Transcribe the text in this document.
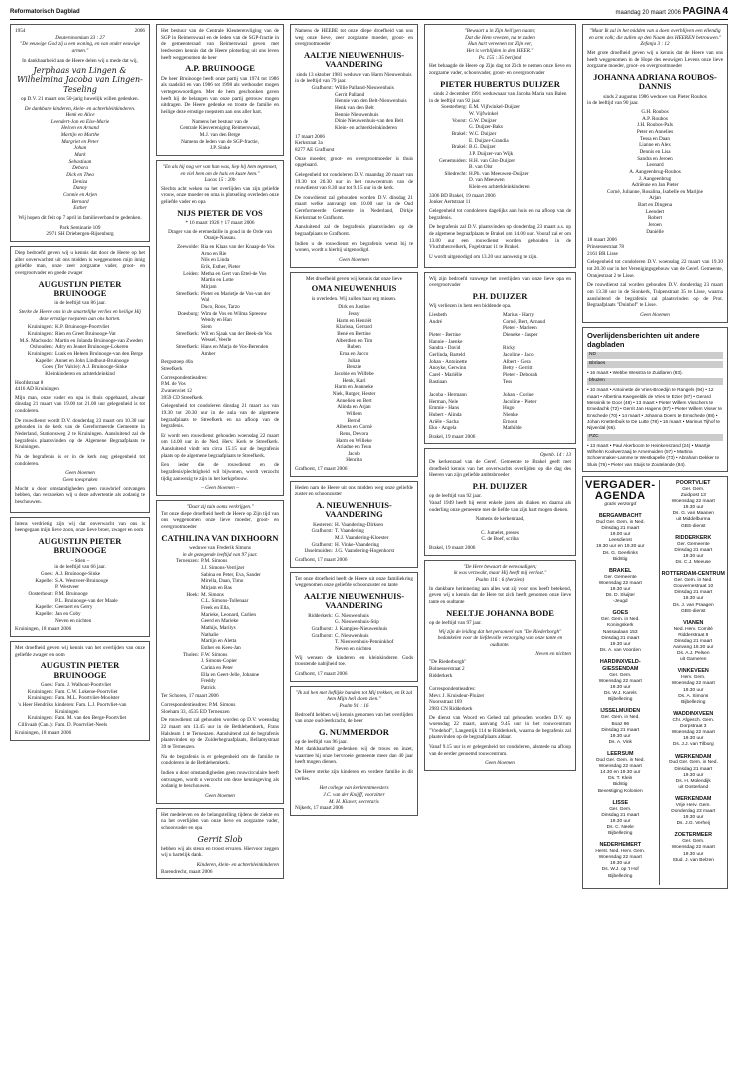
Reformatorisch Dagblad	maandag 20 maart 2006 PAGINA 4
1954	2006
Deuteronomium 33 : 27
"De eeuwige God zij u een woning, en van onder eeuwige armen."
In dankbaarheid aan de Heere delen wij u mede dat wij,
Jerphaas van Lingen & Wilhelmina Jacoba van Lingen-Teseling
op D.V. 21 maart ons 50-jarig huwelijk willen gedenken.
De dankbare kinderen, klein- en achterkleinkinderen.
Henk en Alice
Leendert-Jan en Else-Marie
Helcen en Arnand
Martijn en Marthe
Margriet en Peter
Johan
Mark
Sebastiaan
Debora
Dick en Thea
Deniza
Danny
Connie en Arjen
Bernard
Esther
Wij hopen dit feit op 7 april in familieverband te gedenken.
Park Seminarie 109
2971 SH Driebergen-Rijsenburg
Diep bedroefd geven wij u kennis dat door de Heere op het aller onverwachtst uit ons midden is weggenomen mijn innig geliefde man, onze zeer zorgzame vader, groot- en overgrootvader en goede zwager
AUGUSTIJN PIETER BRUINOOGE
in de leeftijd van 86 jaar.
Sterke de Heere ons in de smartelijke verlies en heilige Hij deze ernstige roepstem aan ons harten.
Kruiningen: K.P. Bruinooge-Poortvliet
Kruiningen: Rien en Greet Bruinooge-Vat
M.S. Maclsodo: Martin en Jolanda Bruinooge-van Zweden
Oxhouden: Adry en Jeanet Bruinooge-Lokeren
Kruiningen: Luuk en Heleen Bruinooge-van den Berge
Kapelle: Annet en John Lindhout-Bruinooge
Goes (Ter Valcie): A.J. Bruinooge-Sinke
Kleinkinderen en achterkleinkind
Hoofdstraat 8
4416 AD Kruiningen
Mijn man, onze vader en opa is thuis opgebaard, alwaar dinsdag 21 maart van 19.00 tot 21.00 uur gelegenheid is tot condoleren.
De rouwdienst wordt D.V. donderdag 23 maart om 10.30 uur gehouden in de kerk van de Gereformeerde Gemeente in Nederland, Stationsweg 2 te Kruiningen. Aansluitend zal de begrafenis plaatsvinden op de Algemene Begraafplaats te Kruiningen.
Na de begrafenis is er in de kerk nog gelegenheid tot condoleren.
Geen bloemen
Geen toespraken
Mocht u door omstandigheden geen rouwbrief ontvangen hebben, dan verzoeken wij u deze advertentie als zodanig te beschouwen.
Intens verdrietig zijn wij dat onverwacht van ons is heengegaan mijn lieve zoon, onze lieve broer, zwager en oom
AUGUSTIJN PIETER BRUINOOGE
– Stien –
in de leeftijd van 66 jaar.
Goes: A.J. Bruinooge-Sinke
Kapelle: S.A. Westveer-Bruinooge
P. Westveer
Oosterhout: P.M. Bruinooge
P.L. Bruinooge-van der Maale
Kapelle: Geeraert en Gerry
Kapelle: Jan en Coby
Neven en nichten
Kruiningen, 18 maart 2006
Met droefheid geven wij kennis van het overlijden van onze geliefde zwager en oom
AUGUSTIN PIETER BRUINOOGE
Goes: Fam. J. Walhout-Poortvliet
Kruiningen: Fam. C.W. Lokerse-Poortvliet
Kruiningen: Fam. M.L. Poortvliet-Moolster
's Heer Hendriks kinderen: Fam. L.J. Poortvliet-van Kruiningen
Kruiningen: Fam. M. van den Berge-Poortvliet
Cillivaab (Can.): Fam. D. Poortvliet-Neels
Kruiningen, 18 maart 2006
Het bestuur van de Centrale Kleuterenvliging van de SGP in Reimerswaal en de leden van de SGP-fractie in de gemeenteraad van Reimerswaal geven met leedwezen kennis dat de Heere plotseling uit ons leven heeft weggenomen de heer
A.P. BRUINOOGE
De heer Bruinooge heeft onze partij van 1974 tot 1986 als raadslid en van 1986 tot 1998 als wethouder mogen vertegenwoordigen. Met de hem geschonken gaven heeft hij de belangen van onze partij getrouw mogen uitdragen. De Heere gedenke en troote de familie en heilige deze ernstige roepstem aan ons aller hart.
Namens het bestuur van de
Centrale Kiesvereniging Reimerswaal,
M.J. van den Berge
Namens de leden van de SGP-fractie,
J.P. Sinke
"En als hij nog ver van hun was, liep hij hem tegemoet, en viel hem om de hals en kuste hem."
Lucas 15 : 20b
Slechts acht weken na het overlijden van zijn geliefde vrouw, onze moeder en oma is plotseling overleden onze geliefde vader en opa
NIJS PIETER DE VOS
* 16 maart 1926 † 17 maart 2006
Drager van de eremedaille in goud in de Orde van Oranje-Nassau.
Zeewolde: Ria en Klaas van der Knaap-de Vos
Arno en Rie
Nils en Linda
Erik, Esther, Pieter
Leiden: Metha en Gert van Ettel-de Vos
Martin en Lotte
Mirjam
Streefkerk: Pieter en Marietje de Vos-van der Wal
Duco, Roos, Tarzo
Doesburg: Wim de Vos en Wilma Spreeuw
Wendy en Han
Siem
Streefkerk: Wil en Sjaak van der Beek-de Vos
Wessel, Veerle
Streefkerk: Hans en Marja de Vos-Berenden
Amber
Bergsstoep 40a
Streefkerk
Correspondentieadres:
P.M. de Vos
Zwanenviet 12
3959 CD Streefkerk
Gelegenheid tot condoleren dinsdag 21 maart a.s van 19.30 tot 20.30 uur in de aula van de algemene begraafplaats te Streefkerk en na afloop van de begrafenis.
Er wordt een rouwdienst gehouden woensdag 22 maart om 14.00 uur in de Ned. Herv. Kerk te Streefkerk. Aansluitend vindt om circa 15.15 uur de begrafenis plaats op de algemene begraafplaats te Streefkerk.
Een ieder die de rouwdienst en de begrafenis/plechtigheid wil bijwonen, wordt verzocht tijdig aanwezig te zijn in het kerkgebouw.
– Geen bloemen –
"Daar zij tuin ooms verkrijgen."
Tot onze diepe droefheid heeft de Heere op Zijn tijd van ons weggenomen onze lieve moeder, groot- en overgrootmoeder
CATHILINA VAN DIXHOORN
weduwe van Frederik Simons
in de gezegende leeftijd van 97 jaar.
Terneuzen: P.M. Simons
J.J. Simons-Verrijzer
Sabina en Peter, Eva, Sander
Mirella, Daan, Timo
Mirjam en Bas
Hoek: M. Simons
C.L. Simons-Tollenaar
Freek en Ella,
Marieke, Leonard, Carlien
Geerd en Marieke
Mathijs, Marilys
Nathalie
Martijn en Aletta
Esther en Kees-Jan
Tholen: F.W. Simons
J. Simons-Copier
Carina en Peter
Ella en Geert-Jelle, Johanne
Freddy
Patrick
Ter Schoren, 17 maart 2006
Correspondentieadres: P.M. Simons
Sloeham 33, 4535 ED Terneuzen
De rouwdienst zal gehouden worden op D.V. woensdag 22 maart om 13.45 uur in de Bethlehemkerk, Frans Halsleam 1 te Terneuzen. Aansluitend zal de begrafenis plaatsvinden op de Zuiderbegraafplaats, Bellamystraat 39 te Terneuzen.
Na de begrafenis is er gelegenheid om de familie te condoleren in de Bethlehemkerk.
Indien u door omstandigheden geen rouwcirculaire heeft ontvangen, wordt u verzocht om deze kennisgeving als zodanig te beschouwen.
Geen bloemen
Het medeleven en de belangstelling tijdens de ziekte en na het overlijden van onze lieve en zorgzame vader, schoonvader en opa
Gerrit Slob
hebben wij als steun en troost ervaren. Hiervoor zeggen wij u hartelijk dank.
Kinderen, klein- en achterkleinkinderen
Barendrecht, maart 2006
Namens de HEEBE tot onze diepe droefheid van ons weg onze lieve, zeer zorgzame moeder, groot- en overgrootmoeder
AALTJE NIEUWENHUIS-VAANDERING
sinds 13 oktober 1981 weduwe van Harm Nieuwenhuis
in de leeftijd van 79 jaar.
Grafhorst: Willie Palland-Nieuwenhuis
Gerrit Palland
Hennie van den Belt-Nieuwenhuis
Henk van den Belt
Bennie Nieuwenhuis
Dinie Nieuwenhuis-van den Belt
Klein- en achterkleinkinderen
17 maart 2006
Kerkstraat 3a
8277 AE Grafhorst
Onze moeder, groot- en overgrootmoeder is thuis opgebaard.
Gelegenheid tot condoleren D.V. maandag 20 maart van 19.30 tot 20.30 uur in het rouwcentrum van de rouwdienst van 8.30 uur tot 9.15 uur in de kerk.
De rouwdienst zal gehouden worden D.V. dinsdag 21 maart welke aanvangt om 10.00 uur in de Oud Gereformeerde Gemeente in Nederland, Dirkje Kerkstraat te Grafhorst.
Aansluitend zal de begrafenis plaatsvinden op de begraafplaats te Grafhorst.
Indien u de rouwdienst en begrafenis wenst bij te wonen, wordt u hierbij uitgenodigd.
Geen bloemen
Met droefheid geven wij kennis dat onze lieve
OMA NIEUWENHUIS
is overleden. Wij zullen haar erg missen.
Dirk en Justine
Jessy
Harm en Henriët
Klarissa, Gerrard
Bené en Bertine
Alberdien en Tim
Ruben
Erna en Jacco
Julian
Benzie
Jacobie en Wilfebe
Henk, Karl
Harm en Jeanneke
Niek, Rutger, Hester
Annelien en Bert
Alinda en Arjan
Willem
Bernd
Alberta en Cornè
Rens, Devora
Harm en Willeke
Ariadne en Teun
Jacob
Henrita
Grafhorst, 17 maart 2006
Heden nam de Heere uit ons midden weg onze geliefde zuster en schoonzuster
A. NIEUWENHUIS-VAANDERING
Kesteren: H. Vaandering-Dirksen
Grafhorst: T. Vaandering
M.J. Vaandering-Kloester
Grafhorst: H. Vinke-Vaandering
IJsselmuiden: J.G. Vaandering-Hogenhorst
Grafhorst, 17 maart 2006
Tot onze droefheid heeft de Heere uit onze familiekring weggenomen onze geliefde schoonzuster en tante
AALTJE NIEUWENHUIS-VAANDERING
Ridderkerk: G. Nieuwenhuis
G. Nieuwenhuis-Stip
Grafhorst: J. Kampjes-Nieuwenhuis
Grafhorst: C. Nieuwenhuis
T. Nieuwenhuis-Penninkhof
Neven en nichten
Wij wensen de kinderen en kleinkinderen Gods troostende nabijheid toe.
Grafhorst, 17 maart 2006
"Ik zal hen met lieflijke banden tot Mij trekken, en Ik zal hem Mijn heil doen zien."
Psalm 91 : 16
Bedroefd hebben wij kennis genomen van het overlijden van onze oud-leerkracht, de heer
G. NUMMERDOR
op de leeftijd van 96 jaar.
Met dankbaarheid gedenken wij de trouw en inzet, waarmee hij onze bervroeie gemeente meer dan 40 jaar heeft mogen dienen.
De Heere sterke zijn kinderen en verdere familie in dit verlies.
Het college van kerkrentmeesters
J.C. van der Knijff, voorzitter
M. H. Klaver, secretaris
Nijkerk, 17 maart 2006
"Bewaart u in Zijn heil'gen naam;
Dat die Hem vreezen, na te zaden
Hun hart vereenen tot Zijn eer,
Het is verblijden in den HEER."
Ps. 155 : 35 berijmd
Het behaagde de Heere op Zijn dag tot Zich te nemen onze lieve en zorgzame vader, schoonvader, groot- en overgrootvader
PIETER HUBERTUS DUIJZER
sinds 2 december 1991 weduwnaar van Jacoba Maria van Balen
in de leeftijd van 92 jaar.
Soesterberg: E.M. Vijfwinkel-Duijzer
W. Vijfwinkel
Voorst: G.W. Duijzer
G. Duijzer-Baks
Brakel: W.C. Duijzer
E. Duijzer-Grandia
Brakel: B.G. Duijzer
J.P. Duijzer-van Wijk
Genemuiden: H.H. van Glst-Duijzer
B. van Olst
Sliedrecht: H.Ph. van Meeuwen-Duijzer
D. van Meeuwen
Klein-en achterkleinkinderen
3306 BD Brakel, 19 maart 2006
Jonker Aertstraat 11
Gelegenheid tot condoleren dagelijks aan huis en na afloop van de begrafenis.
De begrafenis zal D.V. plaatsvinden op donderdag 23 maart a.s. op de algemene begraafplaats te Brakel om 14.00 uur. Vooraf zal er om 13.00 uur een rouwdienst worden gehouden in de Vluchtheuvelkerk, Fogelstraat 11 te Brakel.
U wordt uitgenodigd om 13.20 uur aanwezig te zijn.
Wij zijn bedroefd vanwege het overlijden van onze lieve opa en overgrootvader
P.H. DUIJZER
Wij verliezen in hem een biddende opa.
Liesbeth
André

Pieter - Bertine
Hannie - Jaenke
Sandra - David
Gerlinda, Barteld
Johan - Antoinette
Anoyke, Gerwinn
Carel - Mariëlle
Bastiaan

Jacoba - Hermann
Herman, Nele
Emmie - Hans
Hubert - Alinda
Ariële - Sacha
Eko - Angela
Marius - Harry
Corné, Bert, Arnaud
Pieter - Marleen
Dieneke - Jasper

Ricky
Jacoline - Jaco
Albert - Gera
Betty - Gerritt
Pieter - Deborah
Tess

Johan - Corine
Jacoline - Pieter
Hugo
Nienke
Ernout
Mathilde
Brakel, 19 maart 2006
Openb. 14 : 13
De kerkenraad van de Geref. Gemeente te Brakel geeft met droefheid kennis van het onverwachts overlijden op die dag des Heeren van zijn geliefde ambtsbroeder
P.H. DUIJZER
op de leeftijd van 92 jaar.
Vanaf 1949 heeft hij eerst enkele jaren als diaken en daarna als ouderling onze gemeente met de liefde van zijn hart mogen dienen.
Namens de kerkenraad,

C. Jumelet, preses
C. de Boef, scriba
Brakel, 19 maart 2006
"De Here bewaart de eenvoudigen;
ik was verzwakt, maar Hij heeft mij verlost."
Psalm 116 : 6 (herzien)
In dankbare herinnering aan alles wat zij voor ons heeft betekend, geven wij u kennis dat de Here tot zich heeft genomen onze lieve tante en oudtante
NEELTJE JOHANNA BODE
op de leeftijd van 97 jaar.
Wij zijn de leiding dat het personeel van "De Riederborgh" bedankelen voor de liefdevolle verzorging van onze tante en oudtante.
Neven en nichten
"De Riederborgh"
Bolnesserstraat 2
Ridderkerk

Correspondentieadres:
Mevr. J. Kruisdeur-Pluizer
Noorsstraat 169
2983 CN Ridderkerk
De dienst van Woord en Gebed zal gehouden worden D.V. op woensdag 22 maart, aanvang 9.45 uur in het rouwcentrum "Vredehof", Langestijk 114 te Ridderkerk, waarna de begrafenis zal plaatsvinden op de begraafplaats aldaar.
Vanaf 9.15 uur is er gelegenheid tot condoleren, alsmede na afloop van de eerder genoemd rouwcentrum.
Geen bloemen
"Maar Ik zal in het midden van u doen overblijven een ellendig en arm volk; die zullen op den Naam des HEEREN betrouwen."
Zefanja 3 : 12
Met grote droefheid geven wij u kennis dat de Heere van ons heeft weggenomen in de Hope des eeuwigen Levens onze lieve zorgzame moeder, groot- en overgrootmoeder
JOHANNA ADRIANA ROUBOS-DANNIS
sinds 2 augustus 1986 weduwe van Pieter Roubos
in de leeftijd van 90 jaar.
G.H. Roubos
A.P. Roubos
J.H. Roubos-Pals
Peter en Annelies
Tessa en Daan
Lianne en Alex
Dennis en Lisa
Sandra en Jeroen
Leonard
A. Aangeenbrug-Roubos
J. Aangeenbrug
Adriënne en Jan Pieter
Corné, Julianne, Rosalina, Isabelle en Marijne
Arjan
Bart en Dingena
Leendert
Robert
Jeroen
Danièlle
18 maart 2006
Prinsessestraat 78
2161 BR Lisse
Gelegenheid tot condoleren D.V. woensdag 22 maart van 19.30 tot 20.30 uur in het Verenigingsgebouw van de Geref. Gemeente, Oranjestraat 2 te Lisse.
De rouwdienst zal worden gehouden D.V. donderdag 23 maart om 13.30 uur in de Sionkerk, Tulpenstraat 35 te Lisse, waarna aansluitend de begrafenis zal plaatsvinden op de Prot. Begraafplaats "Duinhof" te Lisse.
Geen bloemen
Overlijdensberichten uit andere dagbladen
ND
Bbrlaes
• 16 maart • Webbe Wesstra te Zuidlaren (83).
bhuzen
• 10 maart • Antoinette de Vries-Broedijn te Rangels (94) • 12 maart • Albertina Kwegeeldik de Vries te Ezier (87) • Gerard Messinik te Goor (48) • 13 maart • Pieter Willem Visschers te Emedachk (72) • Gerrit Jan Hagens (87) • Pieter Willem Visser te Enschede (70) • 14 maart • Johanna Doers te Emschede (88) • Johan Knetterbuik te De Lutte (78) • 16 maart • Marinus Tijhof te Nijverdal (66).
PZC
• 13 maart • Paul Akerboom te Heinkenszand (24) • Maartje Wilhelm Koolwerzaaij te Arnemuiden (57) • Martina Schoenmaker-Lamme te Westkapelle (73) • Abraham Dekker te Sluis (76) • Pieter van Stuijs te Zoutelande (84).
VERGADER-AGENDA
gratis verzorgd
BERGAMBACHT
Oud Ger. Gem. in Ned.
Dinsdag 21 maart
19.00 uur
Leesdienst
19.30 uur en 19.30 uur
Ds. G. Geerlinks
Bidstig
BRAKEL
Ger. Gemeente
Woensdag 22 maart
19.30 uur
Ds. D. Sluijter
-Jeugd
GOES
Ger. Gem. in Ned.
Koningskerk
Nassaulaan 153
Dinsdag 21 maart
19.30 uur
Ds. A. van Voorden
HARDINXVELD-GIESSENDAM
Ger. Gem.
Woensdag 22 maart
19.30 uur
Ds. W.J. Karels
Bijbellezing
IJSSELMUIDEN
Ger. Gem. in Ned.
Boaz 96
Dinsdag 21 maart
19.30 uur
Ds. A. Vink
LEERSUM
Oud Ger. Gem. in Ned.
Woensdag 22 maart
14.30 en 19.30 uur
Ds. T. Klein
Bidstig
Bevestiging Kolonien
LISSE
Ger. Gem.
Dinsdag 21 maart
19.30 uur
Ds. C. Neele
Bijbellezing
NEDERHEMERT
Herst. Ned. Herv. Gem.
Woensdag 22 maart
19.30 uur
Ds. W.J. op 't Hof
Bijbellezing
POORTVLIET
Ger. Gem.
Zuidpost 13
Woensdag 22 maart
19.30 uur
Ds. G. van Maanen
uit Middelburma
GBS-dienst
RIDDERKERK
Ger. Gemeente
Dinsdag 21 maart
19.30 uur
Ds. C.J. Meeuse
ROTTERDAM-CENTRUM
Ger. Gem. in Ned.
Gouvernestraat 10
Dinsdag 21 maart
19.30 uur
Ds. J. van Praagen
GBS-dienst
VIANEN
Ned. Herv. Comité
Ridderstraat 8
Dinsdag 21 maart
Aanvang 16.30 uur
Ds. A.J. Pelsen
uit Gameren
VINKEVEEN
Herv. Gem.
Woensdag 22 maart
19.30 uur
Ds. A. Simons
Bijbellezing
WADDINXVEEN
Chr. Afgesch. Gem.
Dorpstraat 3
Woensdag 22 maart
19.30 uur
Ds. J.J. van Tilburg
WERKENDAM
Oud Ger. Gem. in Ned.
Dinsdag 21 maart
19.30 uur
Ds. H. Molendijk
uit Oosterland
WERKENDAM
Vrije Herv. Gem.
Donderdag 23 maart
19.30 uur
Ds. J.G. Verheij
ZOETERMEER
Ger. Gem.
Woensdag 22 maart
19.30 uur
Stud. J. van Belzen
